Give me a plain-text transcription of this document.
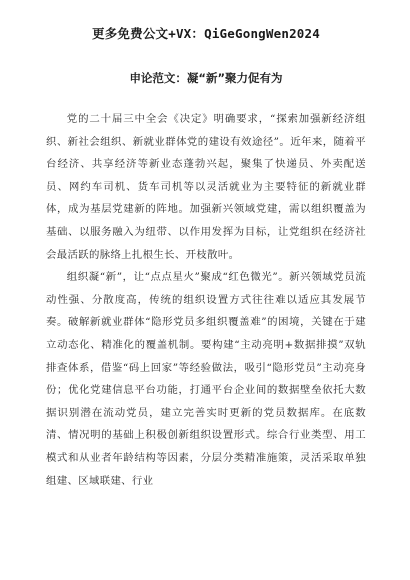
更多免费公文+VX：QiGeGongWen2024

申论范文：凝“新”聚力促有为

党的二十届三中全会《决定》明确要求，“探索加强新经济组织、新社会组织、新就业群体党的建设有效途径”。近年来，随着平台经济、共享经济等新业态蓬勃兴起，聚集了快递员、外卖配送员、网约车司机、货车司机等以灵活就业为主要特征的新就业群体，成为基层党建新的阵地。加强新兴领域党建，需以组织覆盖为基础、以服务融入为纽带、以作用发挥为目标，让党组织在经济社会最活跃的脉络上扎根生长、开枝散叶。

组织凝“新”，让“点点星火”聚成“红色微光”。新兴领域党员流动性强、分散度高，传统的组织设置方式往往难以适应其发展节奏。破解新就业群体“隐形党员多组织覆盖难”的困境，关键在于建立动态化、精准化的覆盖机制。要构建“主动亮明+数据排摸”双轨排查体系，借鉴“码上回家”等经验做法，吸引“隐形党员”主动亮身份；优化党建信息平台功能，打通平台企业间的数据壁垒依托大数据识别潜在流动党员，建立完善实时更新的党员数据库。在底数清、情况明的基础上积极创新组织设置形式。综合行业类型、用工模式和从业者年龄结构等因素，分层分类精准施策，灵活采取单独组建、区域联建、行业
